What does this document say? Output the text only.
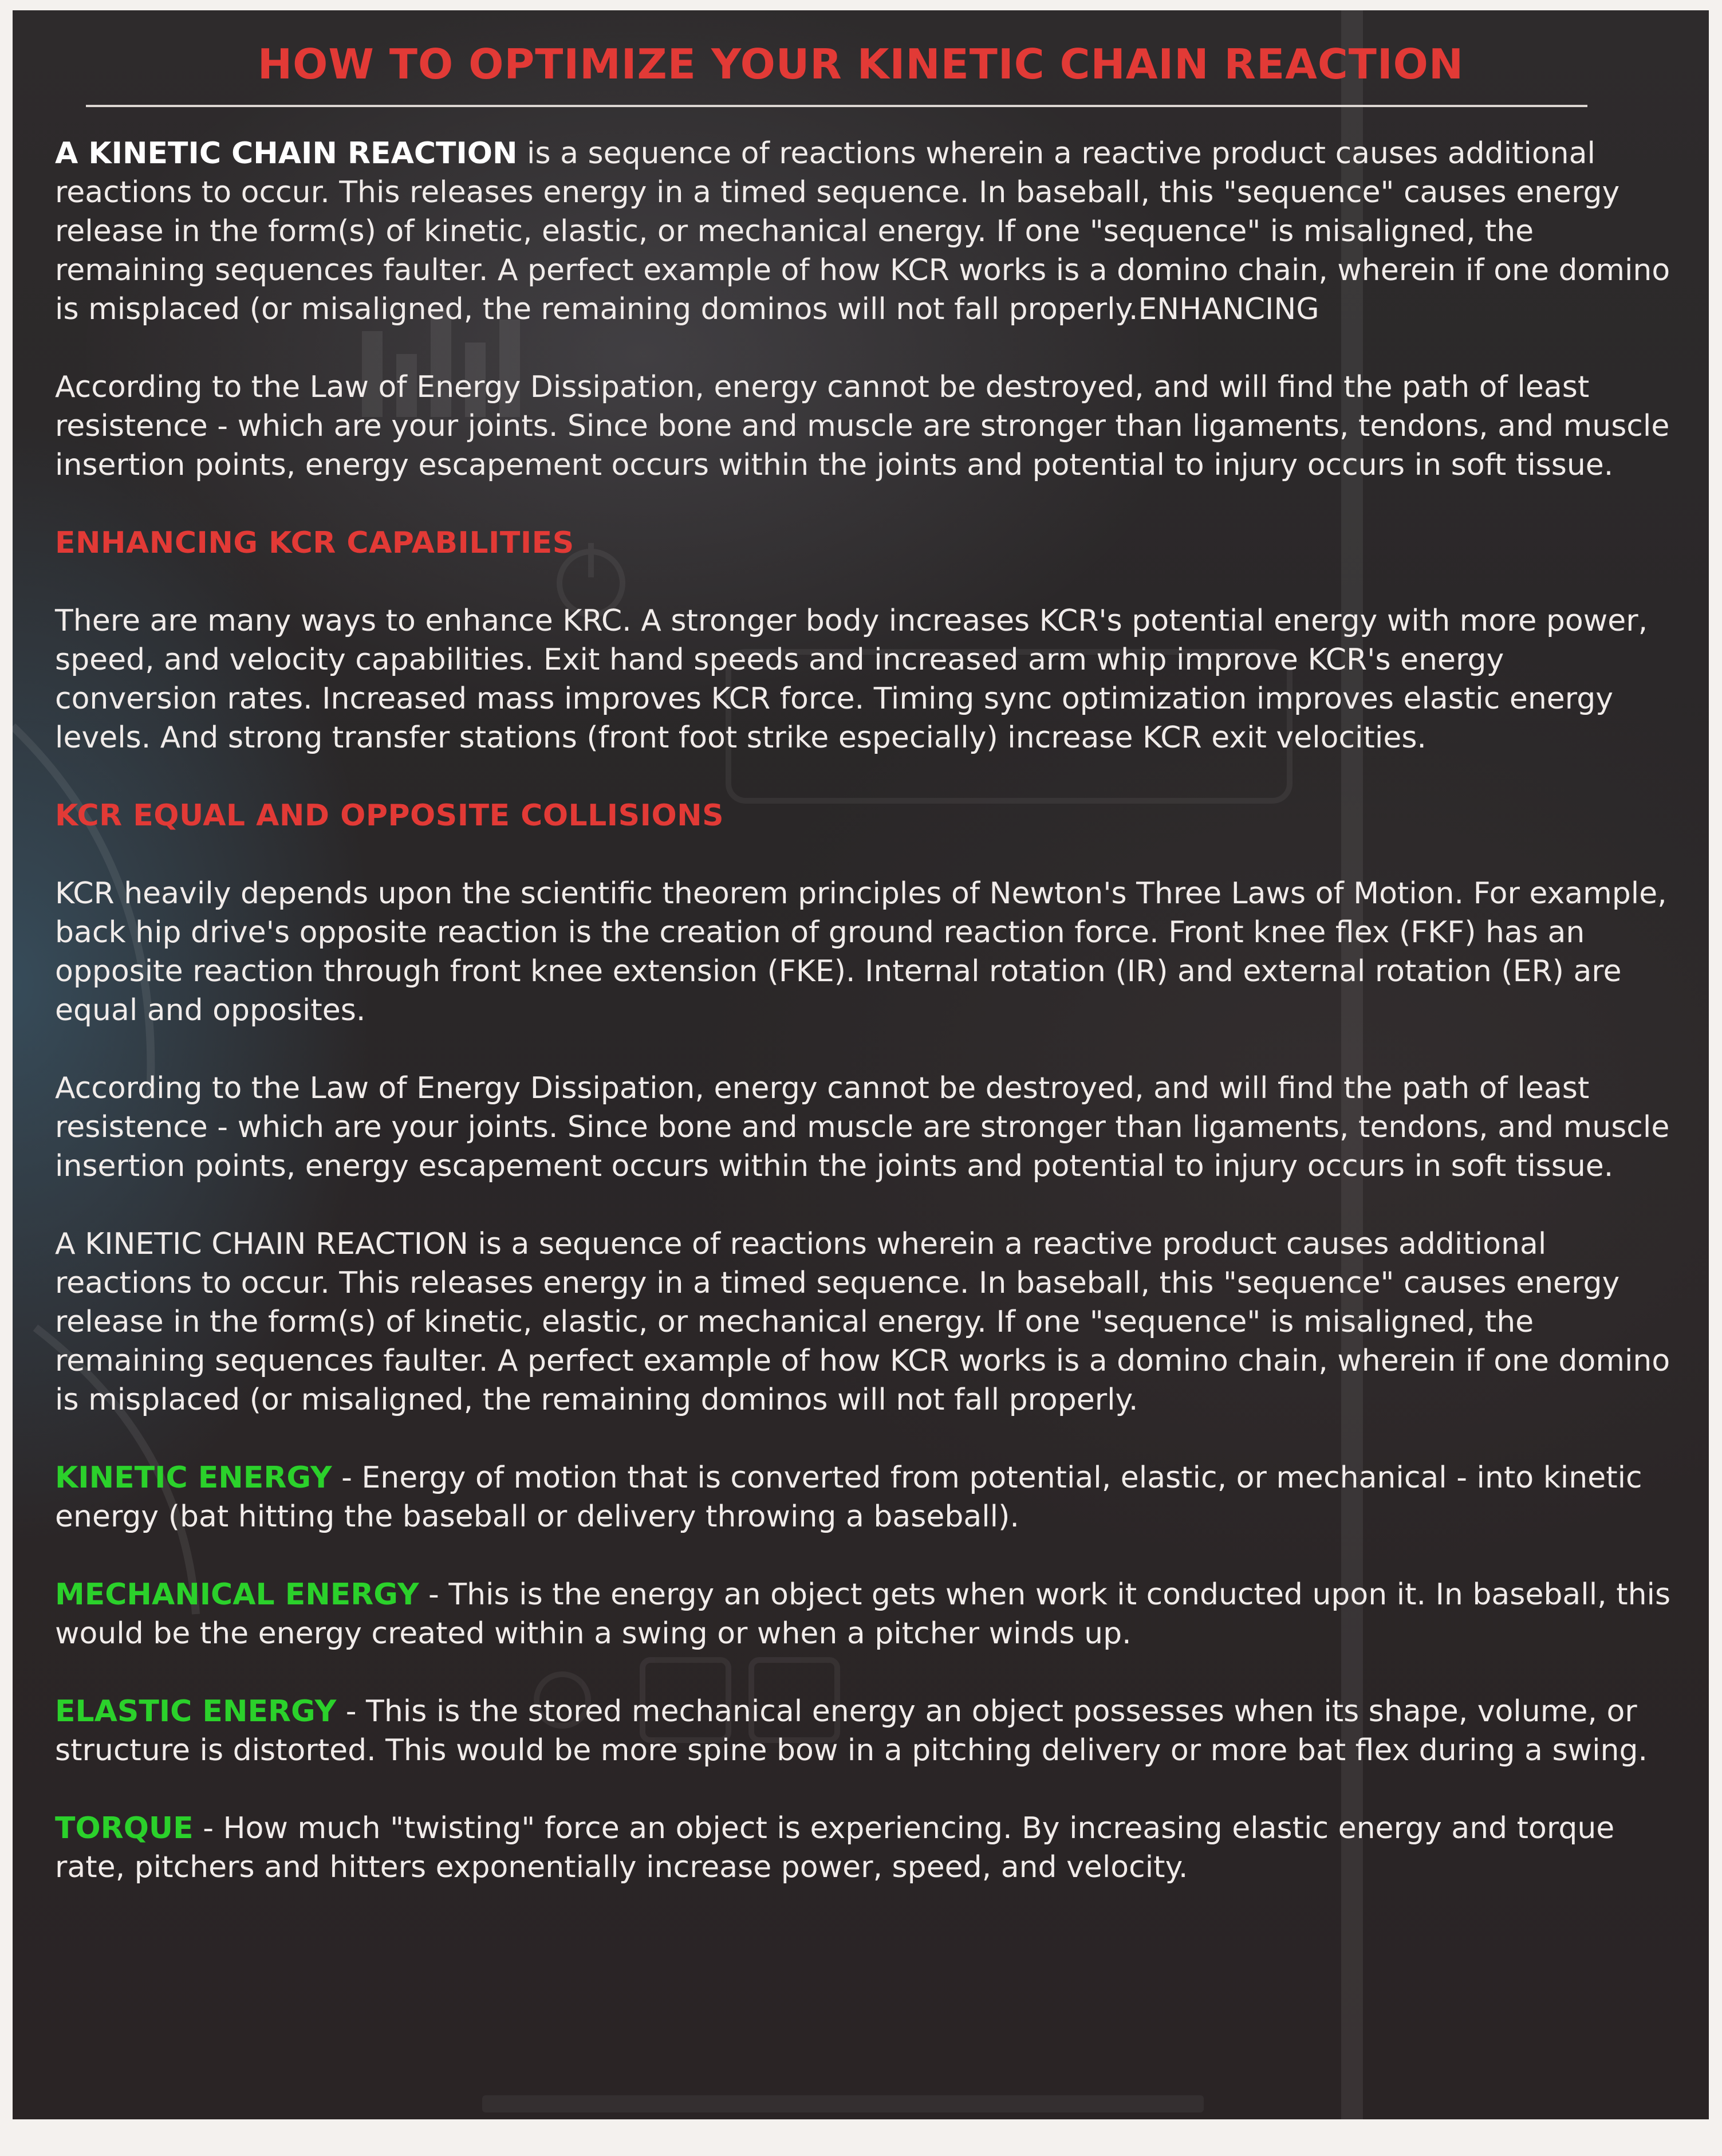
HOW TO OPTIMIZE YOUR KINETIC CHAIN REACTION

A KINETIC CHAIN REACTION is a sequence of reactions wherein a reactive product causes additional reactions to occur. This releases energy in a timed sequence. In baseball, this "sequence" causes energy release in the form(s) of kinetic, elastic, or mechanical energy. If one "sequence" is misaligned, the remaining sequences faulter. A perfect example of how KCR works is a domino chain, wherein if one domino is misplaced (or misaligned, the remaining dominos will not fall properly.ENHANCING

According to the Law of Energy Dissipation, energy cannot be destroyed, and will find the path of least resistence - which are your joints. Since bone and muscle are stronger than ligaments, tendons, and muscle insertion points, energy escapement occurs within the joints and potential to injury occurs in soft tissue.

ENHANCING KCR CAPABILITIES

There are many ways to enhance KRC. A stronger body increases KCR's potential energy with more power, speed, and velocity capabilities. Exit hand speeds and increased arm whip improve KCR's energy conversion rates. Increased mass improves KCR force. Timing sync optimization improves elastic energy levels. And strong transfer stations (front foot strike especially) increase KCR exit velocities.

KCR EQUAL AND OPPOSITE COLLISIONS

KCR heavily depends upon the scientific theorem principles of Newton's Three Laws of Motion. For example, back hip drive's opposite reaction is the creation of ground reaction force. Front knee flex (FKF) has an opposite reaction through front knee extension (FKE). Internal rotation (IR) and external rotation (ER) are equal and opposites.

According to the Law of Energy Dissipation, energy cannot be destroyed, and will find the path of least resistence - which are your joints. Since bone and muscle are stronger than ligaments, tendons, and muscle insertion points, energy escapement occurs within the joints and potential to injury occurs in soft tissue.

A KINETIC CHAIN REACTION is a sequence of reactions wherein a reactive product causes additional reactions to occur. This releases energy in a timed sequence. In baseball, this "sequence" causes energy release in the form(s) of kinetic, elastic, or mechanical energy. If one "sequence" is misaligned, the remaining sequences faulter. A perfect example of how KCR works is a domino chain, wherein if one domino is misplaced (or misaligned, the remaining dominos will not fall properly.

KINETIC ENERGY - Energy of motion that is converted from potential, elastic, or mechanical - into kinetic energy (bat hitting the baseball or delivery throwing a baseball).

MECHANICAL ENERGY - This is the energy an object gets when work it conducted upon it. In baseball, this would be the energy created within a swing or when a pitcher winds up.

ELASTIC ENERGY - This is the stored mechanical energy an object possesses when its shape, volume, or structure is distorted. This would be more spine bow in a pitching delivery or more bat flex during a swing.

TORQUE - How much "twisting" force an object is experiencing. By increasing elastic energy and torque rate, pitchers and hitters exponentially increase power, speed, and velocity.
